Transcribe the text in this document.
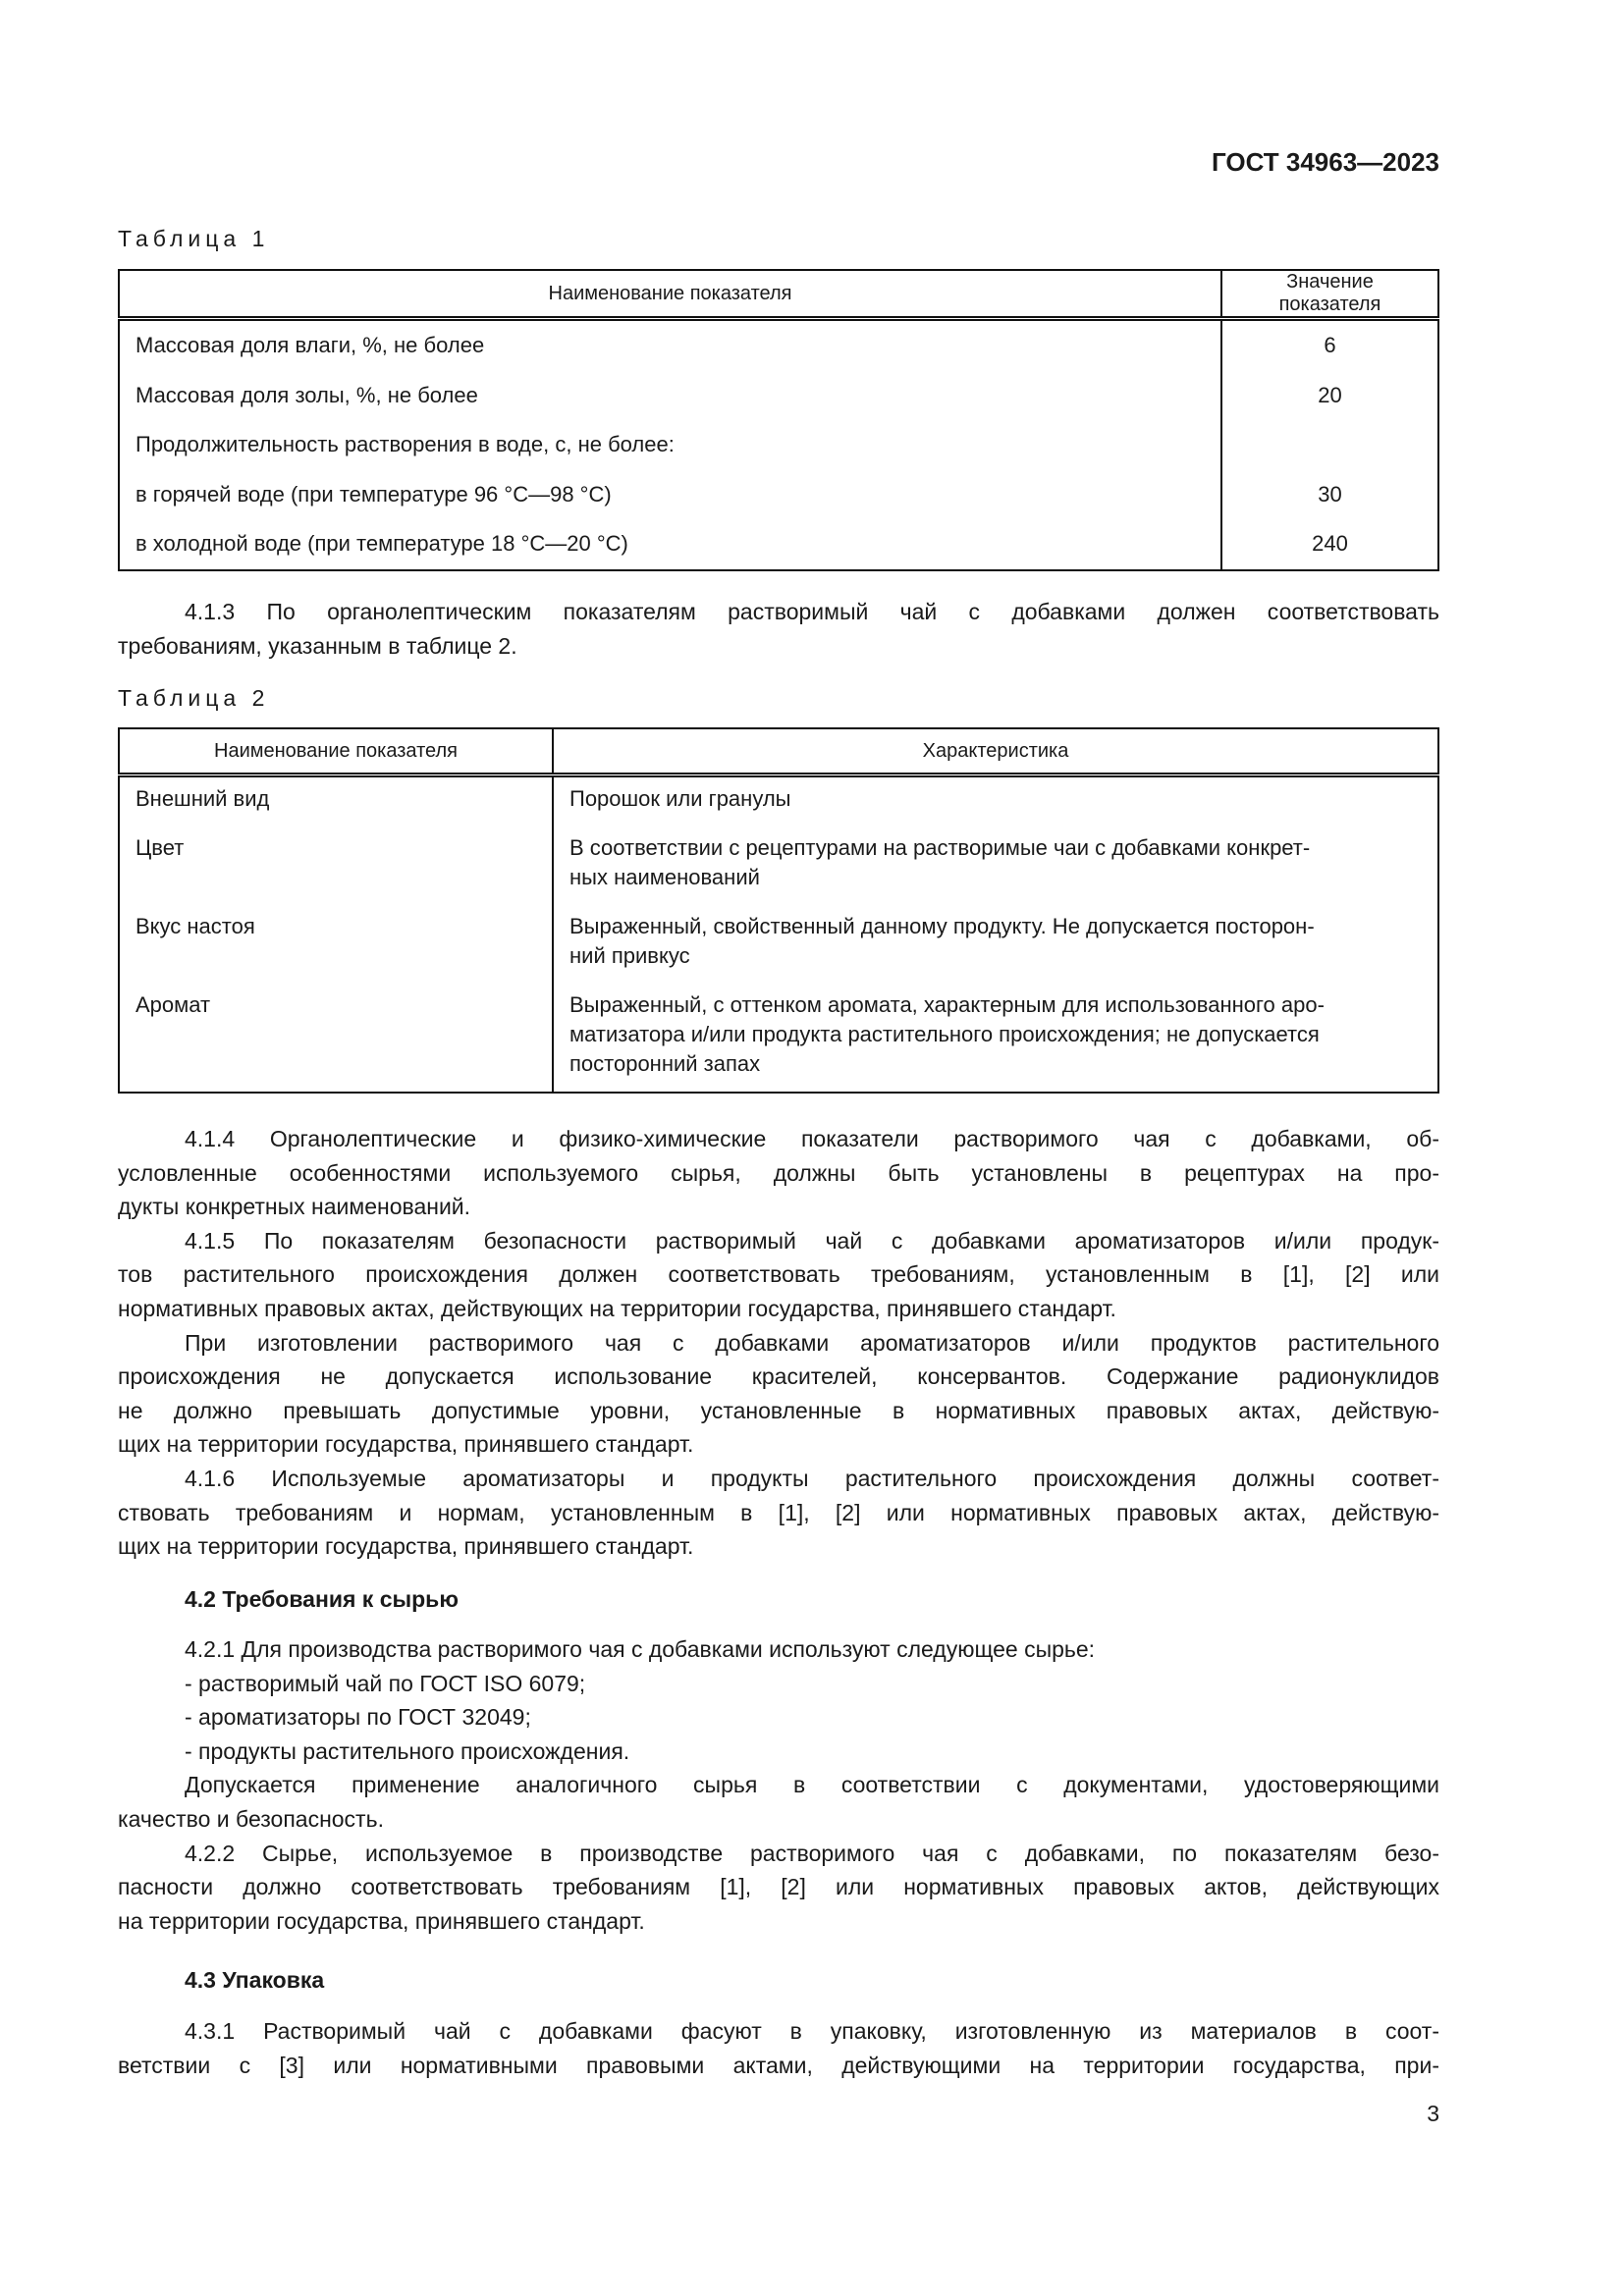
ГОСТ 34963—2023
Таблица 1
Наименование показателя	Значение показателя
Массовая доля влаги, %, не более	6
Массовая доля золы, %, не более	20
Продолжительность растворения в воде, с, не более:	
в горячей воде (при температуре 96 °C—98 °C)	30
в холодной воде (при температуре 18 °C—20 °C)	240
4.1.3 По органолептическим показателям растворимый чай с добавками должен соответствовать
требованиям, указанным в таблице 2.
Таблица 2
Наименование показателя	Характеристика
Внешний вид	Порошок или гранулы

Цвет	В соответствии с рецептурами на растворимые чаи с добавками конкрет-
ных наименований

Вкус настоя	Выраженный, свойственный данному продукту. Не допускается посторон-
ний привкус

Аромат	Выраженный, с оттенком аромата, характерным для использованного аро-
матизатора и/или продукта растительного происхождения; не допускается
посторонний запах
4.1.4 Органолептические и физико-химические показатели растворимого чая с добавками, об-
условленные особенностями используемого сырья, должны быть установлены в рецептурах на про-
дукты конкретных наименований.
4.1.5 По показателям безопасности растворимый чай с добавками ароматизаторов и/или продук-
тов растительного происхождения должен соответствовать требованиям, установленным в [1], [2] или
нормативных правовых актах, действующих на территории государства, принявшего стандарт.
При изготовлении растворимого чая с добавками ароматизаторов и/или продуктов растительного
происхождения не допускается использование красителей, консервантов. Содержание радионуклидов
не должно превышать допустимые уровни, установленные в нормативных правовых актах, действую-
щих на территории государства, принявшего стандарт.
4.1.6 Используемые ароматизаторы и продукты растительного происхождения должны соответ-
ствовать требованиям и нормам, установленным в [1], [2] или нормативных правовых актах, действую-
щих на территории государства, принявшего стандарт.
4.2 Требования к сырью
4.2.1 Для производства растворимого чая с добавками используют следующее сырье:
- растворимый чай по ГОСТ ISO 6079;
- ароматизаторы по ГОСТ 32049;
- продукты растительного происхождения.
Допускается применение аналогичного сырья в соответствии с документами, удостоверяющими
качество и безопасность.
4.2.2 Сырье, используемое в производстве растворимого чая с добавками, по показателям безо-
пасности должно соответствовать требованиям [1], [2] или нормативных правовых актов, действующих
на территории государства, принявшего стандарт.
4.3 Упаковка
4.3.1 Растворимый чай с добавками фасуют в упаковку, изготовленную из материалов в соот-
ветствии с [3] или нормативными правовыми актами, действующими на территории государства, при-
3
